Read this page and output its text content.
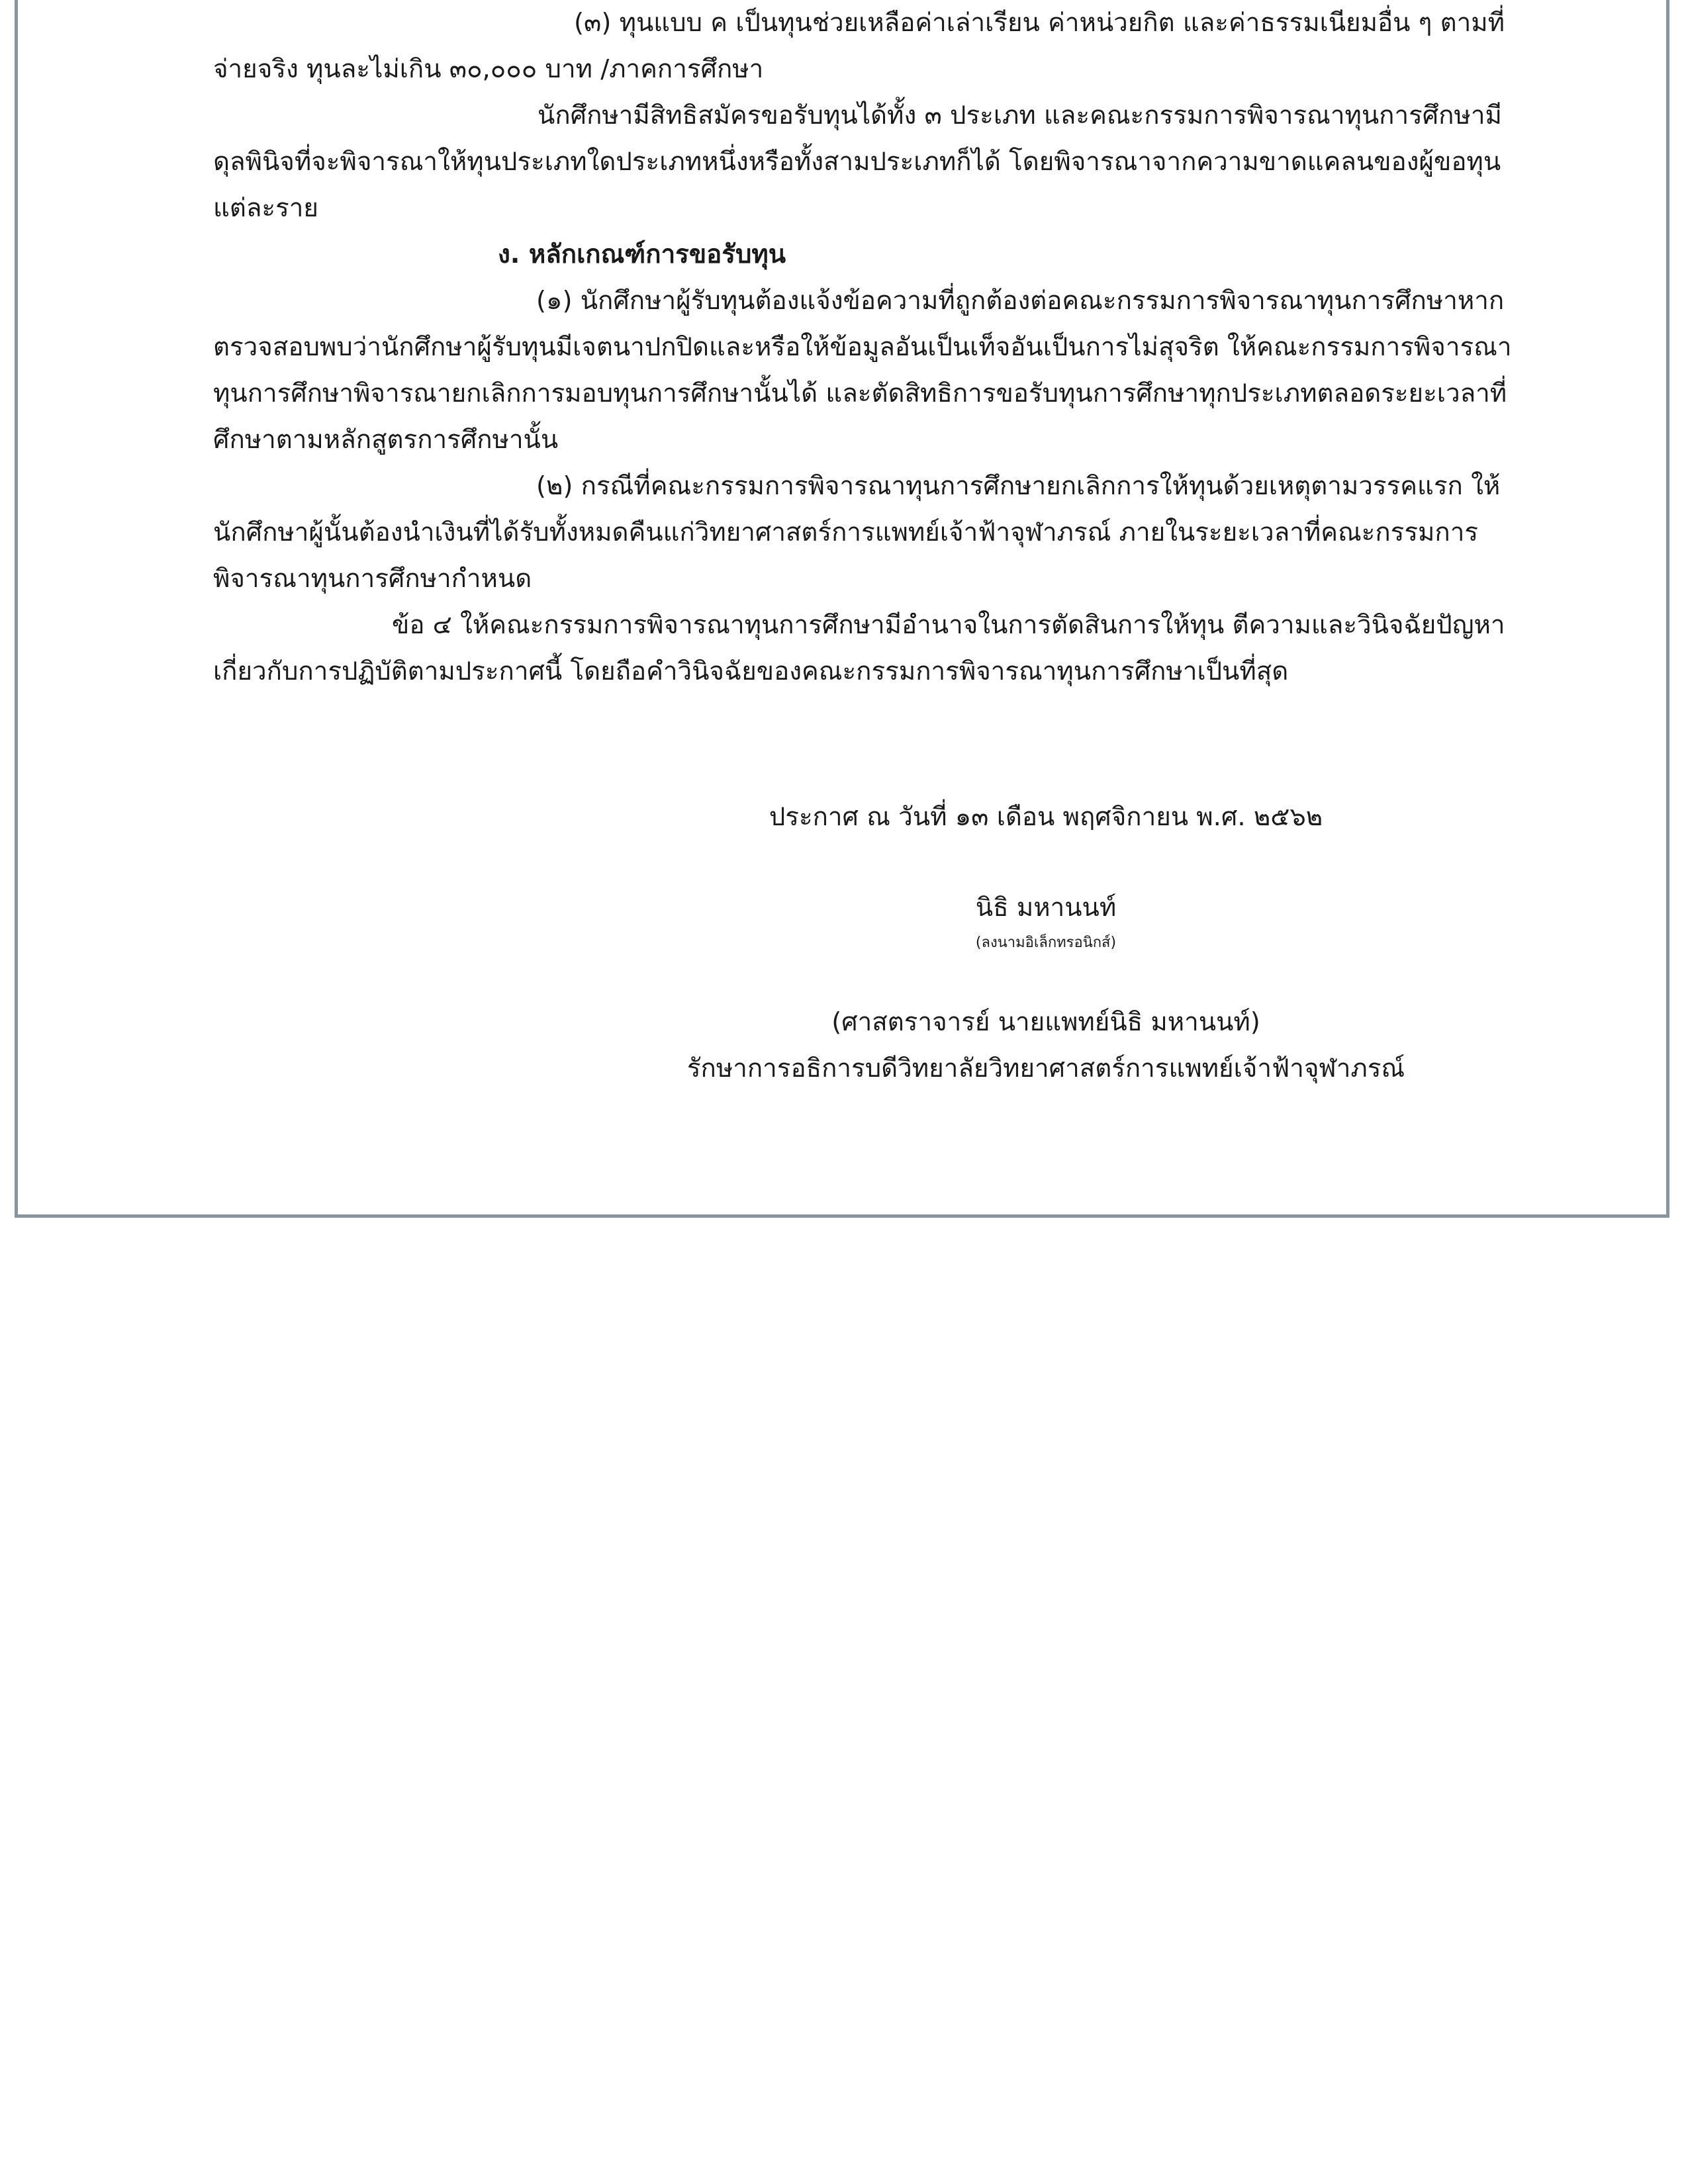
(๓) ทุนแบบ ค เป็นทุนช่วยเหลือค่าเล่าเรียน ค่าหน่วยกิต และค่าธรรมเนียมอื่น ๆ ตามที่
จ่ายจริง ทุนละไม่เกิน ๓๐,๐๐๐ บาท /ภาคการศึกษา
นักศึกษามีสิทธิสมัครขอรับทุนได้ทั้ง ๓ ประเภท และคณะกรรมการพิจารณาทุนการศึกษามี
ดุลพินิจที่จะพิจารณาให้ทุนประเภทใดประเภทหนึ่งหรือทั้งสามประเภทก็ได้ โดยพิจารณาจากความขาดแคลนของผู้ขอทุน
แต่ละราย
ง. หลักเกณฑ์การขอรับทุน
(๑) นักศึกษาผู้รับทุนต้องแจ้งข้อความที่ถูกต้องต่อคณะกรรมการพิจารณาทุนการศึกษาหาก
ตรวจสอบพบว่านักศึกษาผู้รับทุนมีเจตนาปกปิดและหรือให้ข้อมูลอันเป็นเท็จอันเป็นการไม่สุจริต ให้คณะกรรมการพิจารณา
ทุนการศึกษาพิจารณายกเลิกการมอบทุนการศึกษานั้นได้ และตัดสิทธิการขอรับทุนการศึกษาทุกประเภทตลอดระยะเวลาที่
ศึกษาตามหลักสูตรการศึกษานั้น
(๒) กรณีที่คณะกรรมการพิจารณาทุนการศึกษายกเลิกการให้ทุนด้วยเหตุตามวรรคแรก ให้
นักศึกษาผู้นั้นต้องนำเงินที่ได้รับทั้งหมดคืนแก่วิทยาศาสตร์การแพทย์เจ้าฟ้าจุฬาภรณ์ ภายในระยะเวลาที่คณะกรรมการ
พิจารณาทุนการศึกษากำหนด
ข้อ ๔ ให้คณะกรรมการพิจารณาทุนการศึกษามีอำนาจในการตัดสินการให้ทุน ตีความและวินิจฉัยปัญหา
เกี่ยวกับการปฏิบัติตามประกาศนี้ โดยถือคำวินิจฉัยของคณะกรรมการพิจารณาทุนการศึกษาเป็นที่สุด
ประกาศ ณ วันที่ ๑๓ เดือน พฤศจิกายน พ.ศ. ๒๕๖๒
นิธิ มหานนท์
(ลงนามอิเล็กทรอนิกส์)
(ศาสตราจารย์ นายแพทย์นิธิ มหานนท์)
รักษาการอธิการบดีวิทยาลัยวิทยาศาสตร์การแพทย์เจ้าฟ้าจุฬาภรณ์
